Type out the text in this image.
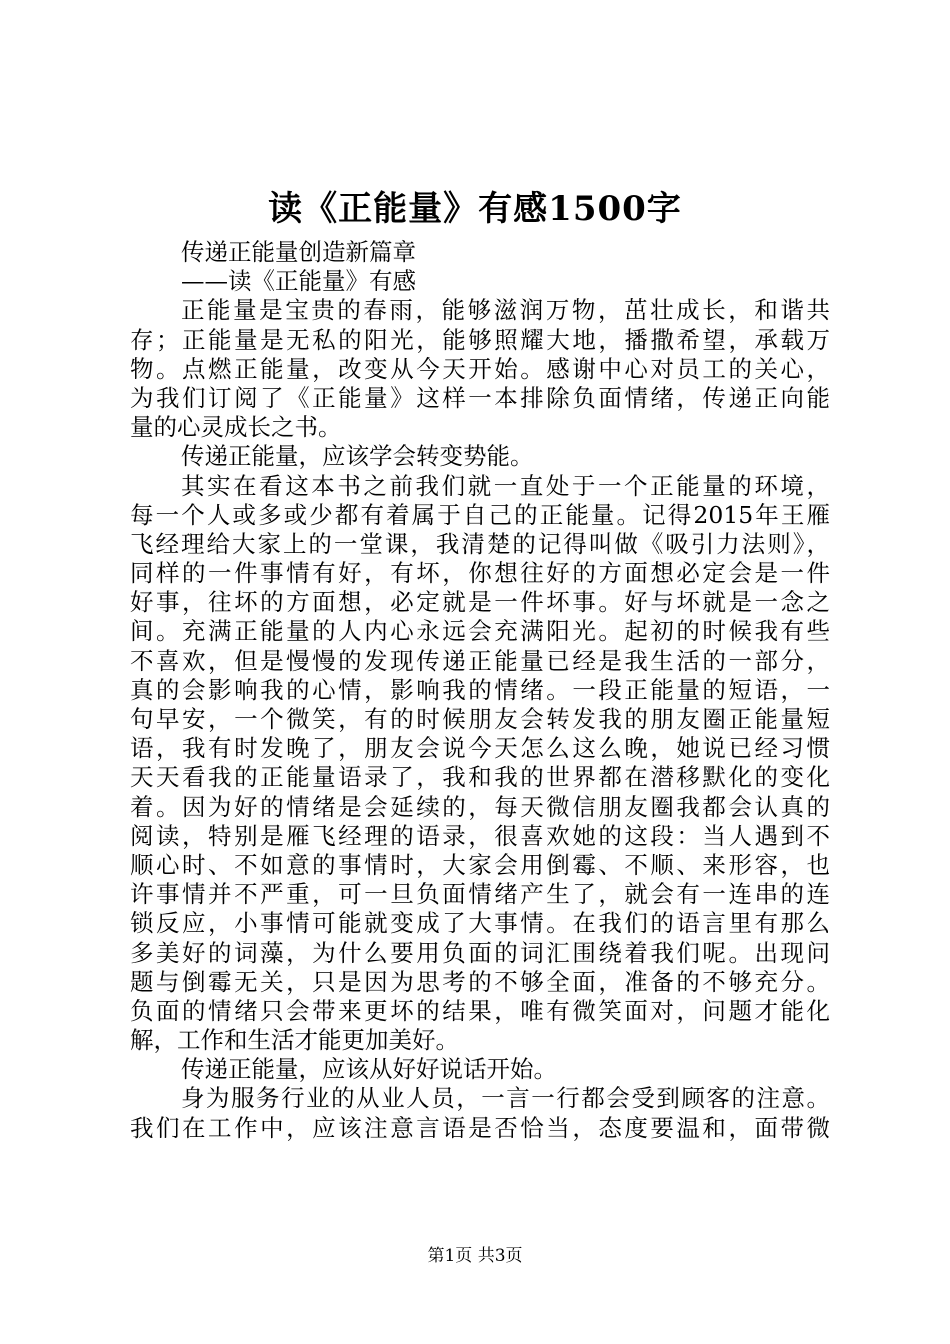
读《正能量》有感1500字
传递正能量创造新篇章
——读《正能量》有感
正能量是宝贵的春雨，能够滋润万物，茁壮成长，和谐共
存；正能量是无私的阳光，能够照耀大地，播撒希望，承载万
物。点燃正能量，改变从今天开始。感谢中心对员工的关心，
为我们订阅了《正能量》这样一本排除负面情绪，传递正向能
量的心灵成长之书。
传递正能量，应该学会转变势能。
其实在看这本书之前我们就一直处于一个正能量的环境，
每一个人或多或少都有着属于自己的正能量。记得2015年王雁
飞经理给大家上的一堂课，我清楚的记得叫做《吸引力法则》，
同样的一件事情有好，有坏，你想往好的方面想必定会是一件
好事，往坏的方面想，必定就是一件坏事。好与坏就是一念之
间。充满正能量的人内心永远会充满阳光。起初的时候我有些
不喜欢，但是慢慢的发现传递正能量已经是我生活的一部分，
真的会影响我的心情，影响我的情绪。一段正能量的短语，一
句早安，一个微笑，有的时候朋友会转发我的朋友圈正能量短
语，我有时发晚了，朋友会说今天怎么这么晚，她说已经习惯
天天看我的正能量语录了，我和我的世界都在潜移默化的变化
着。因为好的情绪是会延续的，每天微信朋友圈我都会认真的
阅读，特别是雁飞经理的语录，很喜欢她的这段：当人遇到不
顺心时、不如意的事情时，大家会用倒霉、不顺、来形容，也
许事情并不严重，可一旦负面情绪产生了，就会有一连串的连
锁反应，小事情可能就变成了大事情。在我们的语言里有那么
多美好的词藻，为什么要用负面的词汇围绕着我们呢。出现问
题与倒霉无关，只是因为思考的不够全面，准备的不够充分。
负面的情绪只会带来更坏的结果，唯有微笑面对，问题才能化
解，工作和生活才能更加美好。
传递正能量，应该从好好说话开始。
身为服务行业的从业人员，一言一行都会受到顾客的注意。
我们在工作中，应该注意言语是否恰当，态度要温和，面带微
第1页 共3页
